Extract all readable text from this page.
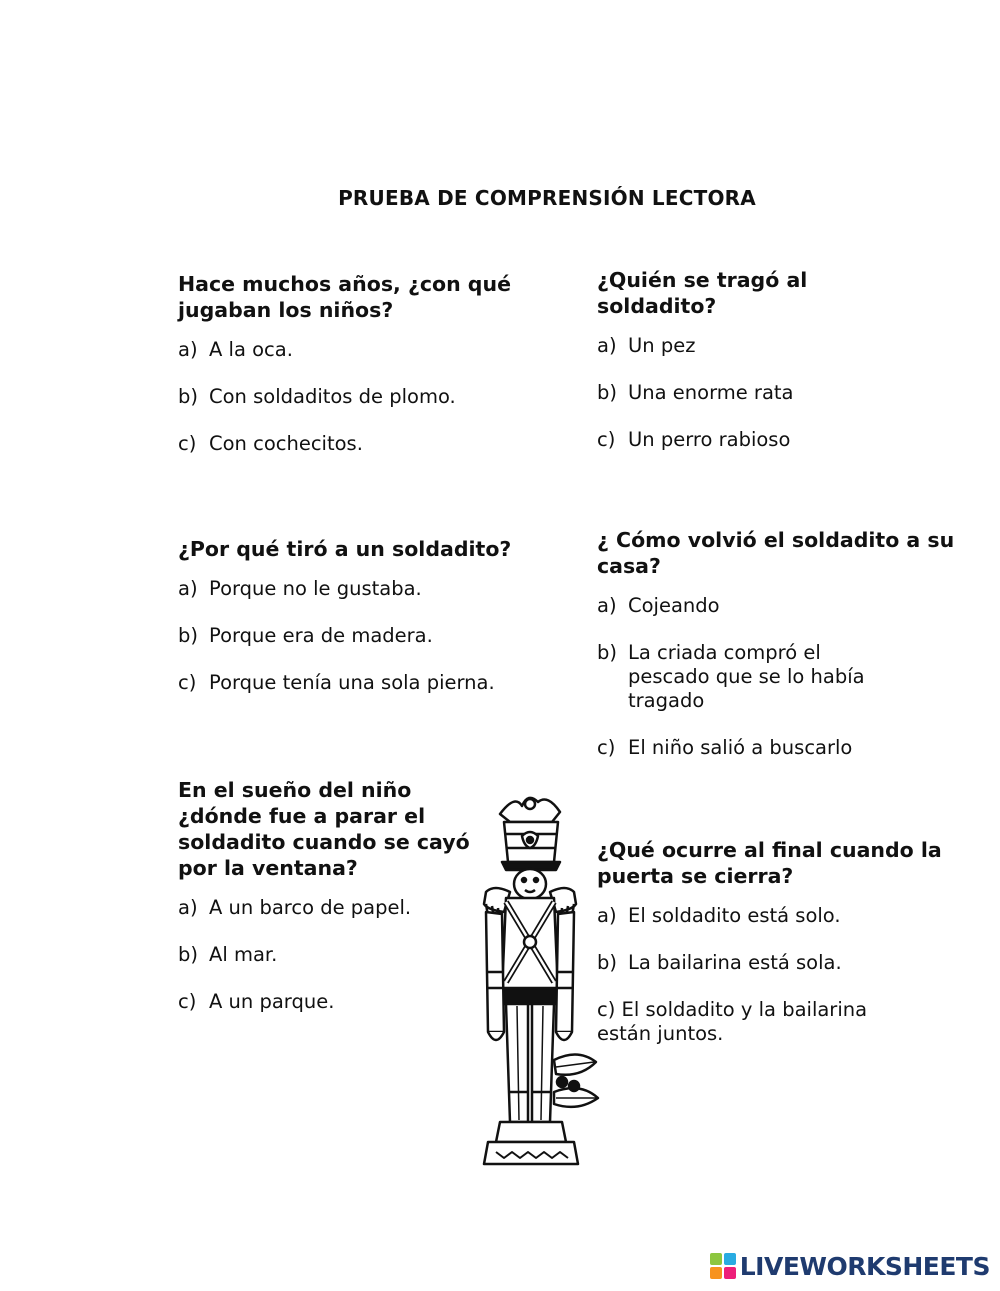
PRUEBA DE COMPRENSIÓN LECTORA
Hace muchos años, ¿con qué jugaban los niños?
a) A la oca.
b) Con soldaditos de plomo.
c) Con cochecitos.
¿Quién se tragó al soldadito?
a) Un pez
b) Una enorme rata
c) Un perro rabioso
¿Por qué tiró a un soldadito?
a) Porque no le gustaba.
b) Porque era de madera.
c) Porque tenía una sola pierna.
¿ Cómo volvió el soldadito a su casa?
a) Cojeando
b) La criada compró el pescado que se lo había tragado
c) El niño salió a buscarlo
En el sueño del niño ¿dónde fue a parar el soldadito cuando se cayó por la ventana?
a) A un barco de papel.
b) Al mar.
c) A un parque.
¿Qué ocurre al final cuando la puerta se cierra?
a) El soldadito está solo.
b) La bailarina está sola.
c) El soldadito y la bailarina están juntos.
LIVEWORKSHEETS
